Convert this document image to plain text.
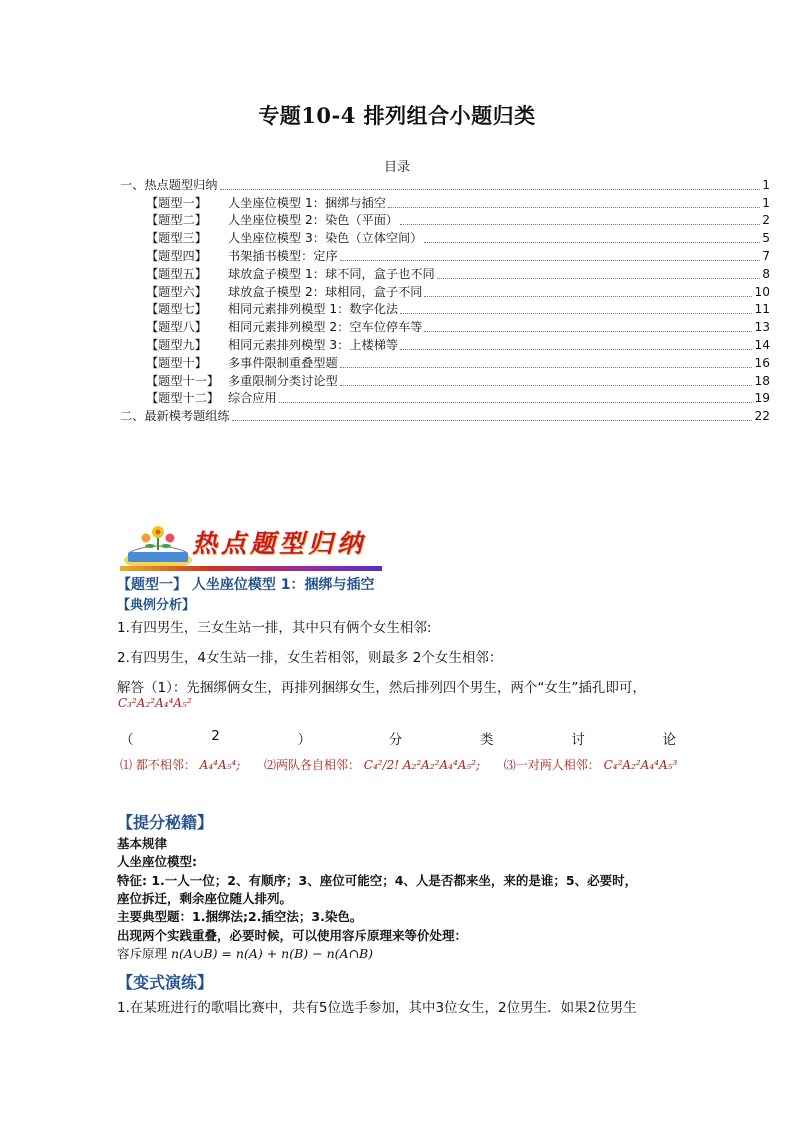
专题10-4 排列组合小题归类
目录
一、热点题型归纳	1
【题型一】	人坐座位模型 1：捆绑与插空	1
【题型二】	人坐座位模型 2：染色（平面）	2
【题型三】	人坐座位模型 3：染色（立体空间）	5
【题型四】	书架插书模型：定序	7
【题型五】	球放盒子模型 1：球不同，盒子也不同	8
【题型六】	球放盒子模型 2：球相同，盒子不同	10
【题型七】	相同元素排列模型 1：数字化法	11
【题型八】	相同元素排列模型 2：空车位停车等	13
【题型九】	相同元素排列模型 3：上楼梯等	14
【题型十】	多事件限制重叠型题	16
【题型十一】 多重限制分类讨论型	18
【题型十二】 综合应用	19
二、最新模考题组练	22
热点题型归纳
【题型一】 人坐座位模型 1：捆绑与插空
【典例分析】
1.有四男生，三女生站一排，其中只有俩个女生相邻:
2.有四男生，4女生站一排，女生若相邻，则最多 2个女生相邻：
解答（1）：先捆绑俩女生，再排列捆绑女生，然后排列四个男生，两个“女生”插孔即可，
C₃²A₂²A₄⁴A₅²
（	2	）	分	类	讨	论
⑴ 都不相邻： A₄⁴A₅⁴; ⑵两队各自相邻： C₄²/2! A₂²A₂²A₄⁴A₅²; ⑶一对两人相邻： C₄²A₂²A₄⁴A₅³
【提分秘籍】
基本规律
人坐座位模型:
特征: 1.一人一位；2、有顺序；3、座位可能空；4、人是否都来坐，来的是谁；5、必要时，
座位拆迁，剩余座位随人排列。
主要典型题：1.捆绑法;2.插空法；3.染色。
出现两个实践重叠，必要时候，可以使用容斥原理来等价处理：
容斥原理 n(A∪B) = n(A) + n(B) − n(A∩B)
【变式演练】
1.在某班进行的歌唱比赛中，共有5位选手参加，其中3位女生，2位男生．如果2位男生
